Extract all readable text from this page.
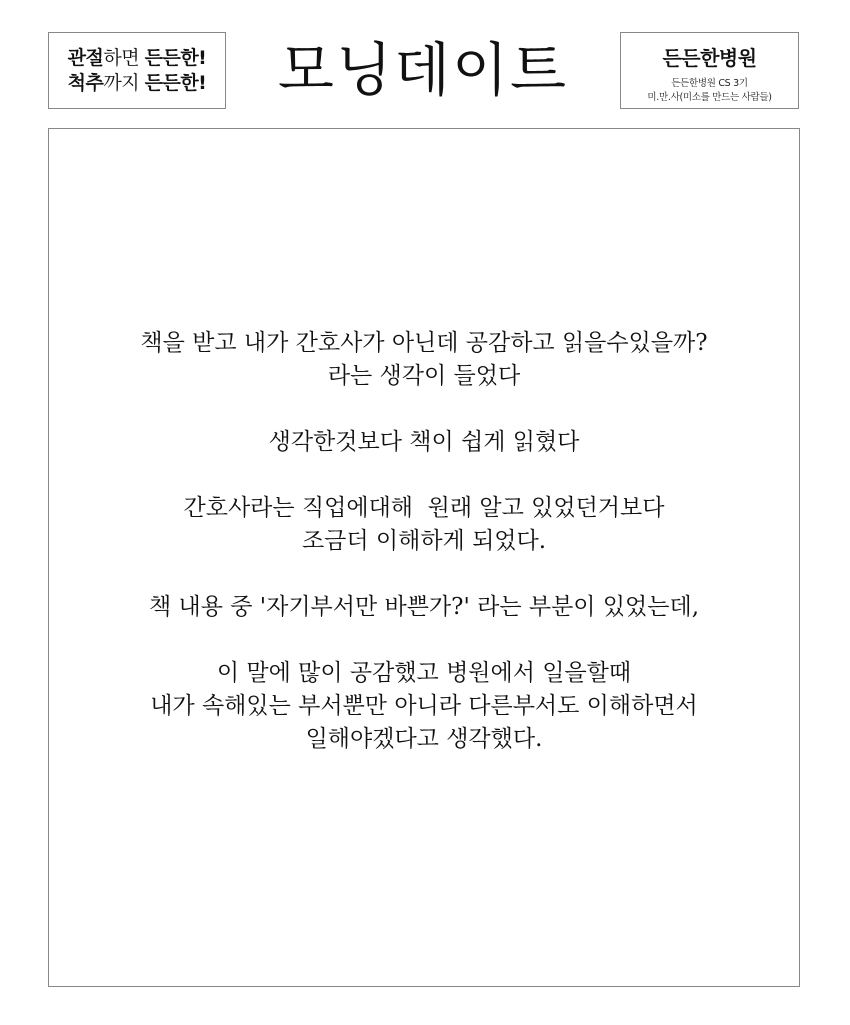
관절하면 든든한!
척추까지 든든한!	모닝데이트	든든한병원
든든한병원 CS 3기
미.만.사(미소를 만드는 사람들)
책을 받고 내가 간호사가 아닌데 공감하고 읽을수있을까?
라는 생각이 들었다
생각한것보다 책이 쉽게 읽혔다
간호사라는 직업에대해  원래 알고 있었던거보다
조금더 이해하게 되었다.
책 내용 중 '자기부서만 바쁜가?' 라는 부분이 있었는데,
이 말에 많이 공감했고 병원에서 일을할때
내가 속해있는 부서뿐만 아니라 다른부서도 이해하면서
일해야겠다고 생각했다.
